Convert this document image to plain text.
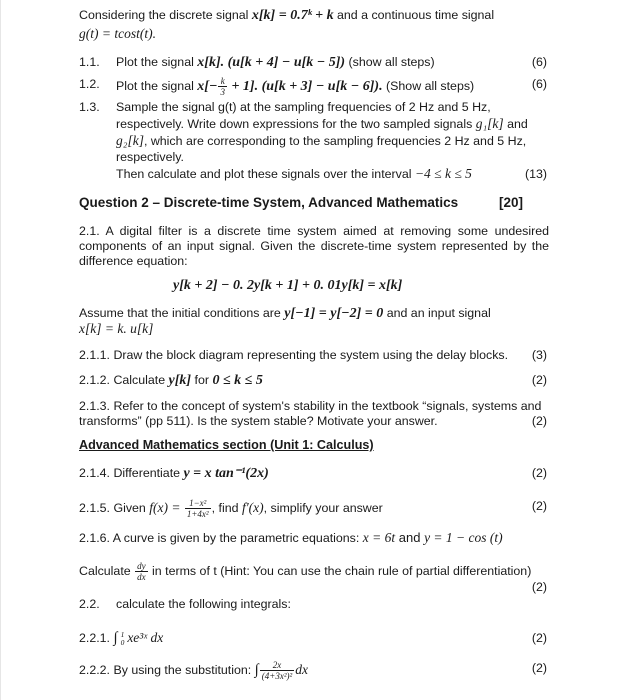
Considering the discrete signal x[k] = 0.7ᵏ + k and a continuous time signal
g(t) = tcost(t).
1.1. Plot the signal x[k]. (u[k + 4] − u[k − 5]) (show all steps)	(6)
1.2. Plot the signal $x[- \frac{k}{3} + 1]$. (u[k + 3] − u[k − 6]). (Show all steps)	(6)
1.3. Sample the signal g(t) at the sampling frequencies of 2 Hz and 5 Hz,
respectively. Write down expressions for the two sampled signals g₁[k] and
g₂[k], which are corresponding to the sampling frequencies 2 Hz and 5 Hz,
respectively.
Then calculate and plot these signals over the interval −4 ≤ k ≤ 5	(13)
Question 2 – Discrete-time System, Advanced Mathematics	[20]
2.1. A digital filter is a discrete time system aimed at removing some undesired components of an input signal. Given the discrete-time system represented by the difference equation:
y[k + 2] − 0. 2y[k + 1] + 0. 01y[k] = x[k]
Assume that the initial conditions are y[−1] = y[−2] = 0 and an input signal
x[k] = k. u[k]
2.1.1. Draw the block diagram representing the system using the delay blocks. (3)
2.1.2. Calculate y[k] for 0 ≤ k ≤ 5	(2)
2.1.3. Refer to the concept of system's stability in the textbook “signals, systems and
transforms” (pp 511). Is the system stable? Motivate your answer.	(2)
Advanced Mathematics section (Unit 1: Calculus)
2.1.4. Differentiate y = x tan⁻¹(2x)	(2)
2.1.5. Given $f(x) = \frac{\text{1−x²}}{\text{1+4x²}}$ , find f′(x), simplify your answer	(2)
2.1.6. A curve is given by the parametric equations: x = 6t and y = 1 − cos (t)
Calculate $\frac{dy}{dx}$ in terms of t (Hint: You can use the chain rule of partial differentiation)
(2)
2.2. calculate the following integrals:
2.2.1. ∫ 1
0 xe³ˣ dx	(2)
2.2.2. By using the substitution: ∫ $\frac{2x}{\text{(4+3x²)²}}$ dx	(2)
